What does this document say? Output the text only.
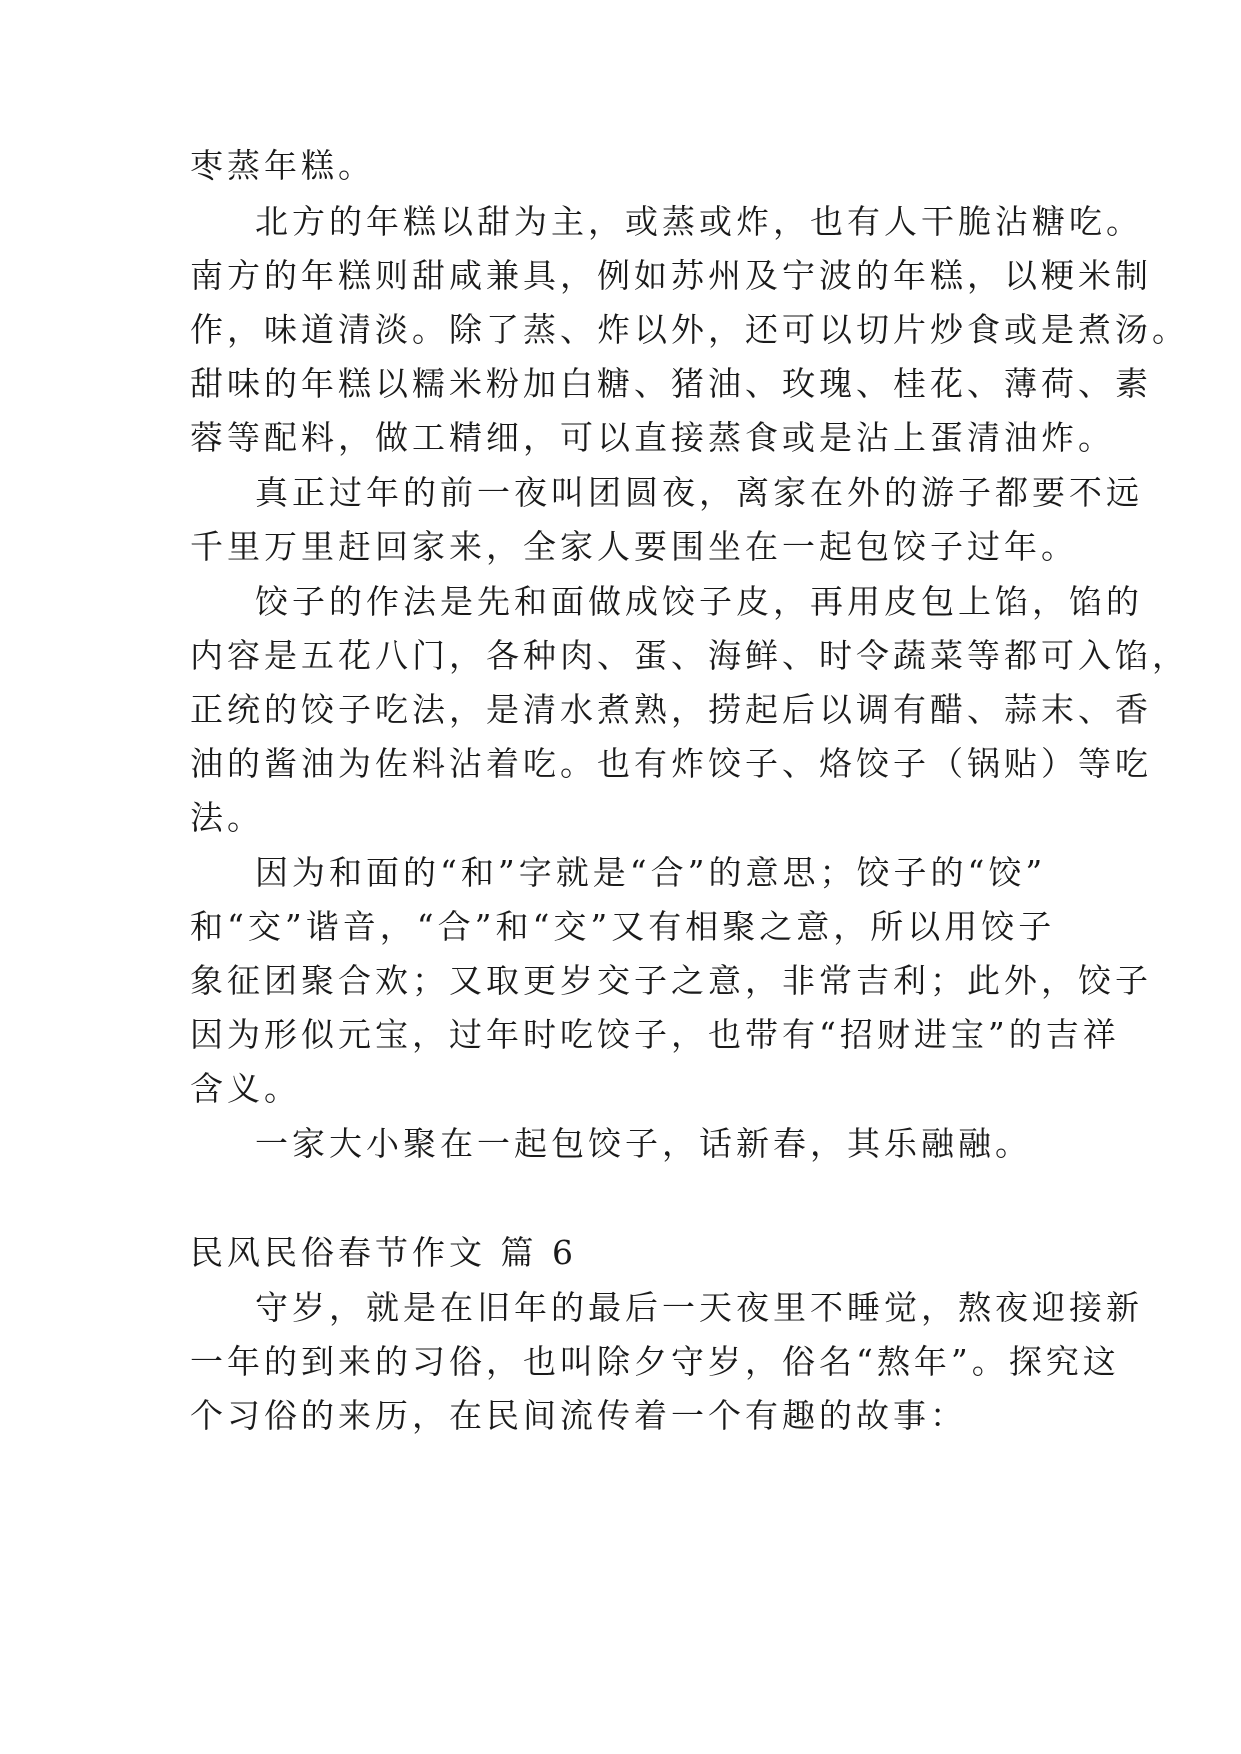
枣蒸年糕。
北方的年糕以甜为主，或蒸或炸，也有人干脆沾糖吃。
南方的年糕则甜咸兼具，例如苏州及宁波的年糕，以粳米制
作，味道清淡。除了蒸、炸以外，还可以切片炒食或是煮汤。
甜味的年糕以糯米粉加白糖、猪油、玫瑰、桂花、薄荷、素
蓉等配料，做工精细，可以直接蒸食或是沾上蛋清油炸。
真正过年的前一夜叫团圆夜，离家在外的游子都要不远
千里万里赶回家来，全家人要围坐在一起包饺子过年。
饺子的作法是先和面做成饺子皮，再用皮包上馅，馅的
内容是五花八门，各种肉、蛋、海鲜、时令蔬菜等都可入馅，
正统的饺子吃法，是清水煮熟，捞起后以调有醋、蒜末、香
油的酱油为佐料沾着吃。也有炸饺子、烙饺子（锅贴）等吃
法。
因为和面的“和”字就是“合”的意思；饺子的“饺”
和“交”谐音，“合”和“交”又有相聚之意，所以用饺子
象征团聚合欢；又取更岁交子之意，非常吉利；此外，饺子
因为形似元宝，过年时吃饺子，也带有“招财进宝”的吉祥
含义。
一家大小聚在一起包饺子，话新春，其乐融融。
民风民俗春节作文 篇 6
守岁，就是在旧年的最后一天夜里不睡觉，熬夜迎接新
一年的到来的习俗，也叫除夕守岁，俗名“熬年”。探究这
个习俗的来历，在民间流传着一个有趣的故事：
